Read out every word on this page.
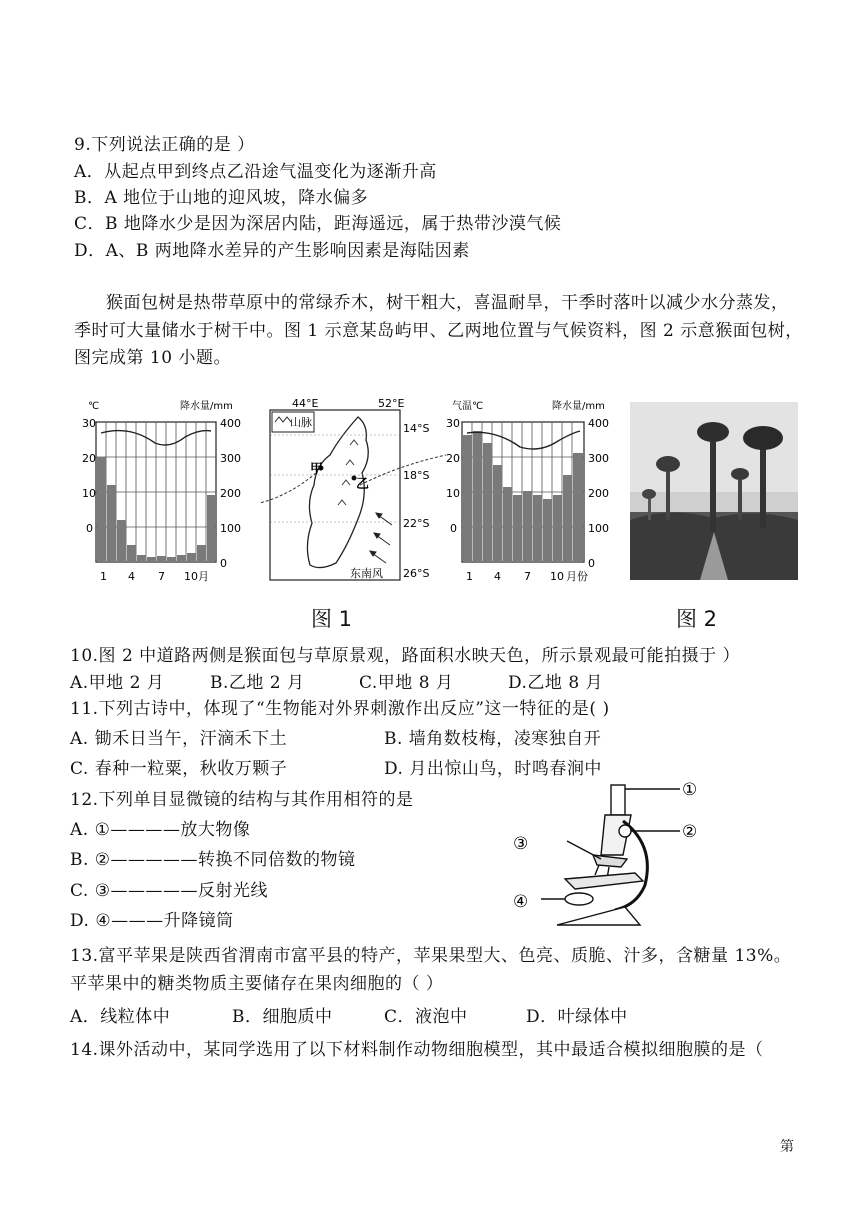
9.下列说法正确的是 ）
A．从起点甲到终点乙沿途气温变化为逐渐升高
B．A 地位于山地的迎风坡，降水偏多
C．B 地降水少是因为深居内陆，距海遥远，属于热带沙漠气候
D．A、B 两地降水差异的产生影响因素是海陆因素
猴面包树是热带草原中的常绿乔木，树干粗大，喜温耐旱，干季时落叶以减少水分蒸发，
季时可大量储水于树干中。图 1 示意某岛屿甲、乙两地位置与气候资料，图 2 示意猴面包树，
图完成第 10 小题。
℃	降水量/mm
30
20
10
0
400
300
200
100
0
1 4 7 10月
44°E	52°E
山脉	14°S
18°S
22°S
26°S
甲
乙
东南风
气温℃	降水量/mm
30
20
10
0
400
300
200
100
0
1 4 7 10 月份
图 1	图 2
10.图 2 中道路两侧是猴面包与草原景观，路面积水映天色，所示景观最可能拍摄于 ）
A.甲地 2 月	B.乙地 2 月	C.甲地 8 月	D.乙地 8 月
11.下列古诗中，体现了“生物能对外界刺激作出反应”这一特征的是( )
A. 锄禾日当午，汗滴禾下土	B. 墙角数枝梅，凌寒独自开
C. 春种一粒粟，秋收万颗子	D. 月出惊山鸟，时鸣春涧中
12.下列单目显微镜的结构与其作用相符的是
A. ①————放大物像
B. ②—————转换不同倍数的物镜
C. ③—————反射光线
D. ④———升降镜筒
①
②
③
④
13.富平苹果是陕西省渭南市富平县的特产，苹果果型大、色亮、质脆、汁多，含糖量 13%。
平苹果中的糖类物质主要储存在果肉细胞的（ ）
A．线粒体中	B．细胞质中	C．液泡中	D．叶绿体中
14.课外活动中，某同学选用了以下材料制作动物细胞模型，其中最适合模拟细胞膜的是（
第
